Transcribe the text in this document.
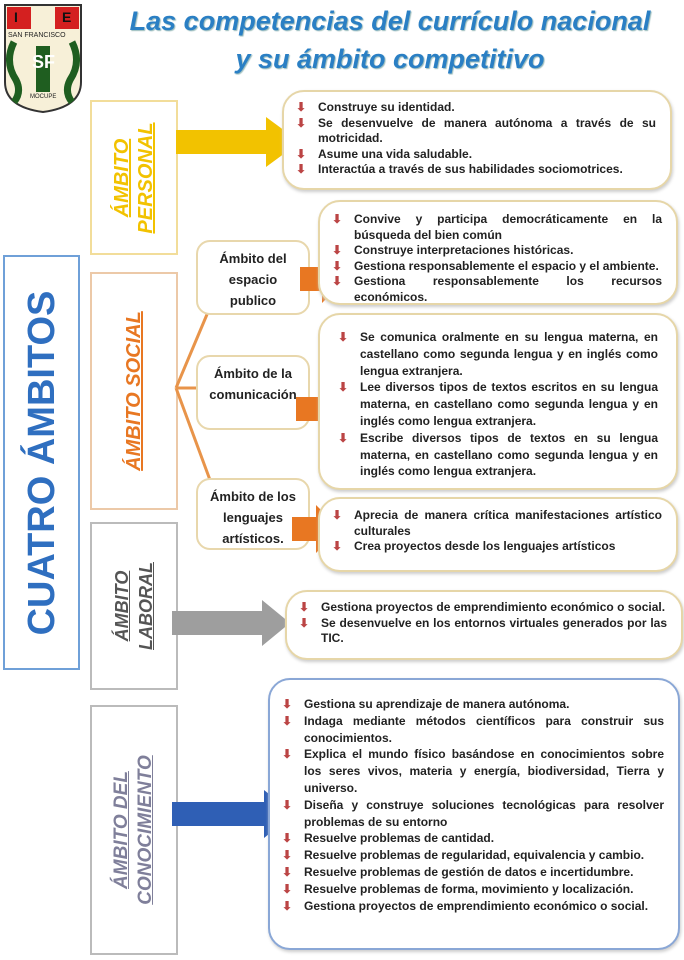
I	E
SAN FRANCISCO
SF
MOCUPE
Las competencias del currículo nacional
y su ámbito competitivo
CUATRO ÁMBITOS
ÁMBITO PERSONAL
⬇ Construye su identidad.
⬇ Se desenvuelve de manera autónoma a través de su motricidad.
⬇ Asume una vida saludable.
⬇ Interactúa a través de sus habilidades sociomotrices.
ÁMBITO SOCIAL
Ámbito del espacio publico
Ámbito de la comunicación
Ámbito de los lenguajes artísticos.
⬇ Convive y participa democráticamente en la búsqueda del bien común
⬇ Construye interpretaciones históricas.
⬇ Gestiona responsablemente el espacio y el ambiente.
⬇ Gestiona responsablemente los recursos económicos.
⬇ Se comunica oralmente en su lengua materna, en castellano como segunda lengua y en inglés como lengua extranjera.
⬇ Lee diversos tipos de textos escritos en su lengua materna, en castellano como segunda lengua y en inglés como lengua extranjera.
⬇ Escribe diversos tipos de textos en su lengua materna, en castellano como segunda lengua y en inglés como lengua extranjera.
⬇ Aprecia de manera crítica manifestaciones artístico culturales
⬇ Crea proyectos desde los lenguajes artísticos
ÁMBITO LABORAL	⬇ Gestiona proyectos de emprendimiento económico o social.
⬇ Se desenvuelve en los entornos virtuales generados por las TIC.
ÁMBITO DEL CONOCIMIENTO
⬇ Gestiona su aprendizaje de manera autónoma.
⬇ Indaga mediante métodos científicos para construir sus conocimientos.
⬇ Explica el mundo físico basándose en conocimientos sobre los seres vivos, materia y energía, biodiversidad, Tierra y universo.
⬇ Diseña y construye soluciones tecnológicas para resolver problemas de su entorno
⬇ Resuelve problemas de cantidad.
⬇ Resuelve problemas de regularidad, equivalencia y cambio.
⬇ Resuelve problemas de gestión de datos e incertidumbre.
⬇ Resuelve problemas de forma, movimiento y localización.
⬇ Gestiona proyectos de emprendimiento económico o social.
